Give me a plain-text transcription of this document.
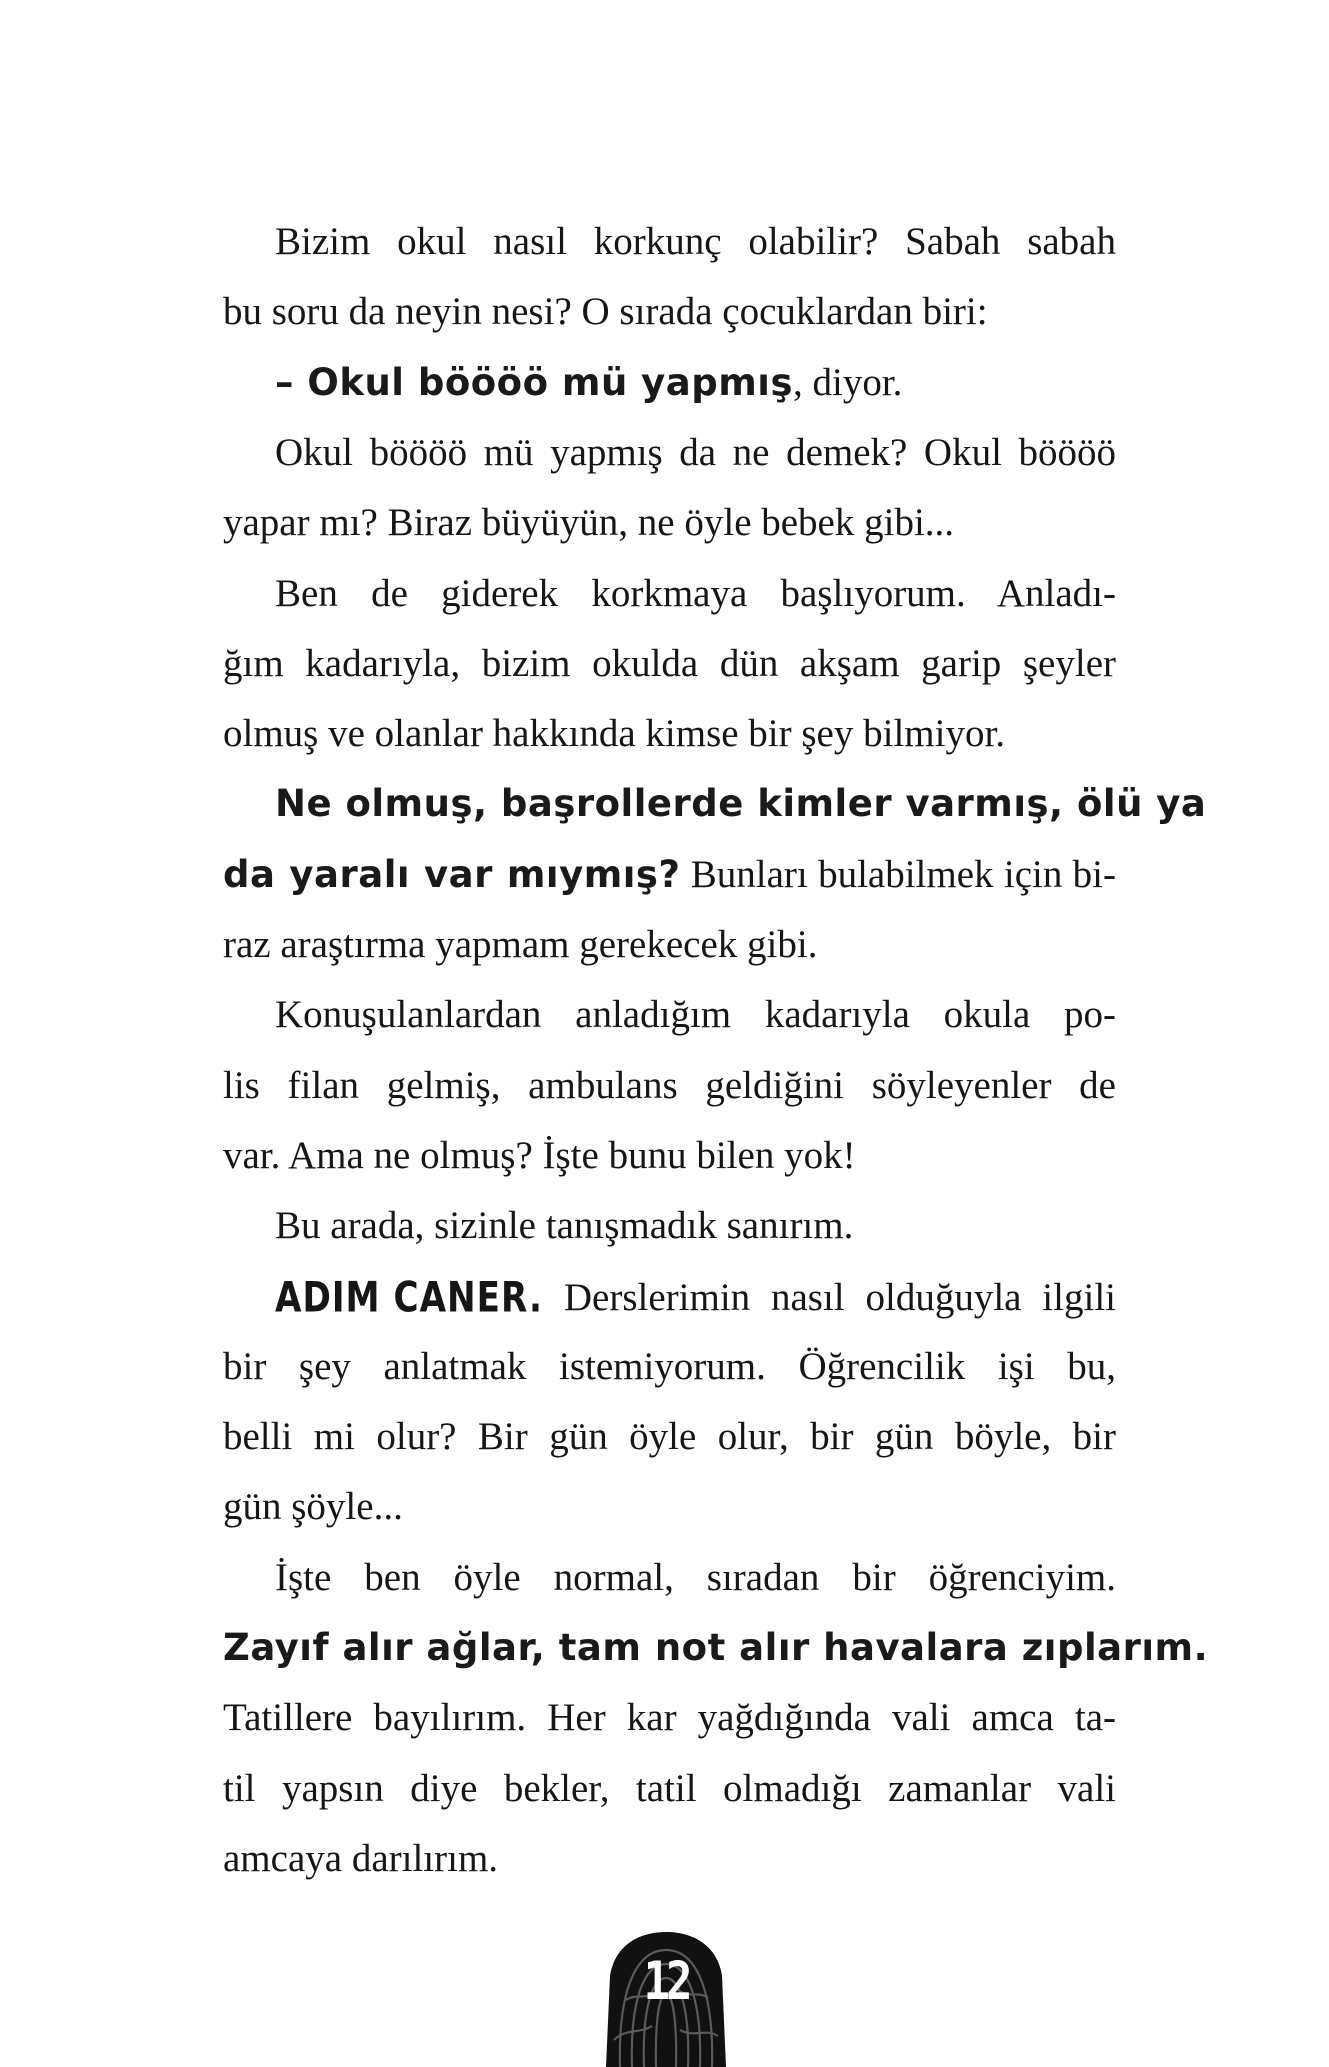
Bizim okul nasıl korkunç olabilir? Sabah sabah
bu soru da neyin nesi? O sırada çocuklardan biri:
– Okul böööö mü yapmış, diyor.
Okul böööö mü yapmış da ne demek? Okul böööö
yapar mı? Biraz büyüyün, ne öyle bebek gibi...
Ben de giderek korkmaya başlıyorum. Anladı-
ğım kadarıyla, bizim okulda dün akşam garip şeyler
olmuş ve olanlar hakkında kimse bir şey bilmiyor.
Ne olmuş, başrollerde kimler varmış, ölü ya
da yaralı var mıymış? Bunları bulabilmek için bi-
raz araştırma yapmam gerekecek gibi.
Konuşulanlardan anladığım kadarıyla okula po-
lis filan gelmiş, ambulans geldiğini söyleyenler de
var. Ama ne olmuş? İşte bunu bilen yok!
Bu arada, sizinle tanışmadık sanırım.
ADIM CANER. Derslerimin nasıl olduğuyla ilgili
bir şey anlatmak istemiyorum. Öğrencilik işi bu,
belli mi olur? Bir gün öyle olur, bir gün böyle, bir
gün şöyle...
İşte ben öyle normal, sıradan bir öğrenciyim.
Zayıf alır ağlar, tam not alır havalara zıplarım.
Tatillere bayılırım. Her kar yağdığında vali amca ta-
til yapsın diye bekler, tatil olmadığı zamanlar vali
amcaya darılırım.
12
